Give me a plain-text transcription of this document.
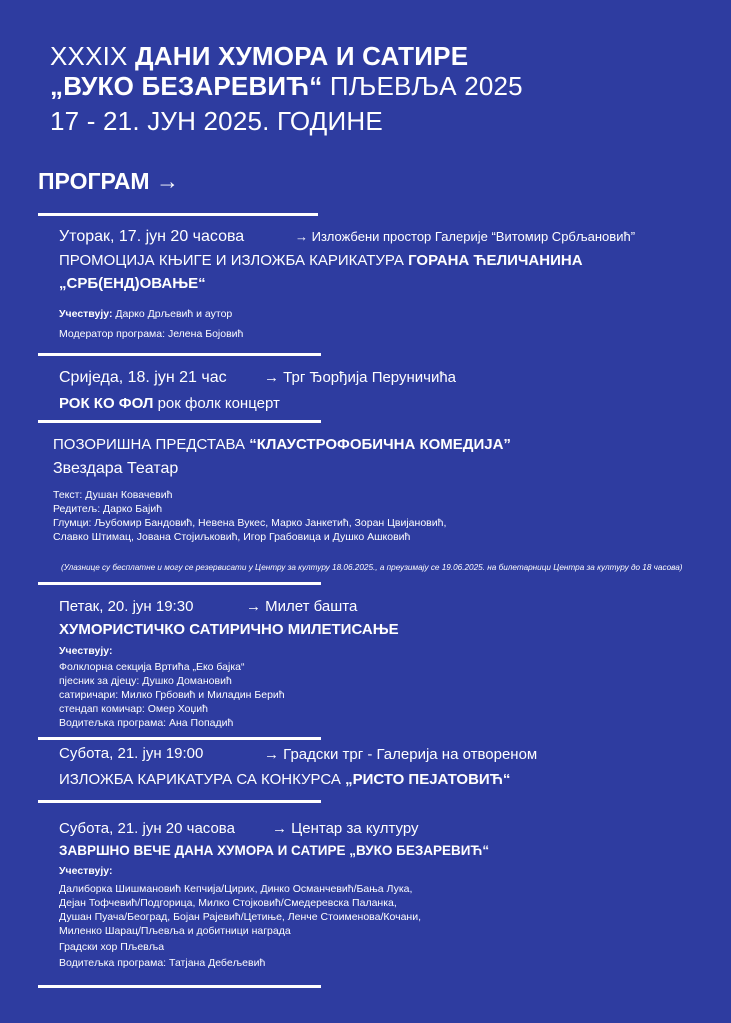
XXXIX ДАНИ ХУМОРА И САТИРЕ
„ВУКО БЕЗАРЕВИЋ“ ПЉЕВЉА 2025
17 - 21. ЈУН 2025. ГОДИНЕ
ПРОГРАМ →
Уторак, 17. јун 20 часова	→ Изложбени простор Галерије “Витомир Србљановић”
ПРОМОЦИЈА КЊИГЕ И ИЗЛОЖБА КАРИКАТУРА ГОРАНА ЋЕЛИЧАНИНА
„СРБ(ЕНД)ОВАЊЕ“
Учествују: Дарко Дрљевић и аутор
Модератор програма: Јелена Бојовић
Сриједа, 18. јун 21 час → Трг Ђорђија Перуничића
РОК КО ФОЛ рок фолк концерт
ПОЗОРИШНА ПРЕДСТАВА “КЛАУСТРОФОБИЧНА КОМЕДИЈА”
Звездара Театар
Текст: Душан Ковачевић
Редитељ: Дарко Бајић
Глумци: Љубомир Бандовић, Невена Вукес, Марко Јанкетић, Зоран Цвијановић,
Славко Штимац, Јована Стојиљковић, Игор Грабовица и Душко Ашковић
(Улазнице су бесплатне и могу се резервисати у Центру за културу 18.06.2025., а преузимају се 19.06.2025. на билетарници Центра за културу до 18 часова)
Петак, 20. јун 19:30	→ Милет башта
ХУМОРИСТИЧКО САТИРИЧНО МИЛЕТИСАЊЕ
Учествују:
Фолклорна секција Вртића „Еко бајка“
пјесник за дјецу: Душко Домановић
сатиричари: Милко Грбовић и Миладин Берић
стендап комичар: Омер Хоџић
Водитељка програма: Ана Попадић
Субота, 21. јун 19:00	→ Градски трг - Галерија на отвореном
ИЗЛОЖБА КАРИКАТУРА СА КОНКУРСА „РИСТО ПЕЈАТОВИЋ“
Субота, 21. јун 20 часова → Центар за културу
ЗАВРШНО ВЕЧЕ ДАНА ХУМОРА И САТИРЕ „ВУКО БЕЗАРЕВИЋ“
Учествују:
Далиборка Шишмановић Кепчија/Цирих, Динко Османчевић/Бања Лука,
Дејан Тофчевић/Подгорица, Милко Стојковић/Смедеревска Паланка,
Душан Пуача/Београд, Бојан Рајевић/Цетиње, Ленче Стоименова/Кочани,
Миленко Шарац/Пљевља и добитници награда
Градски хор Пљевља
Водитељка програма: Татјана Дебељевић
